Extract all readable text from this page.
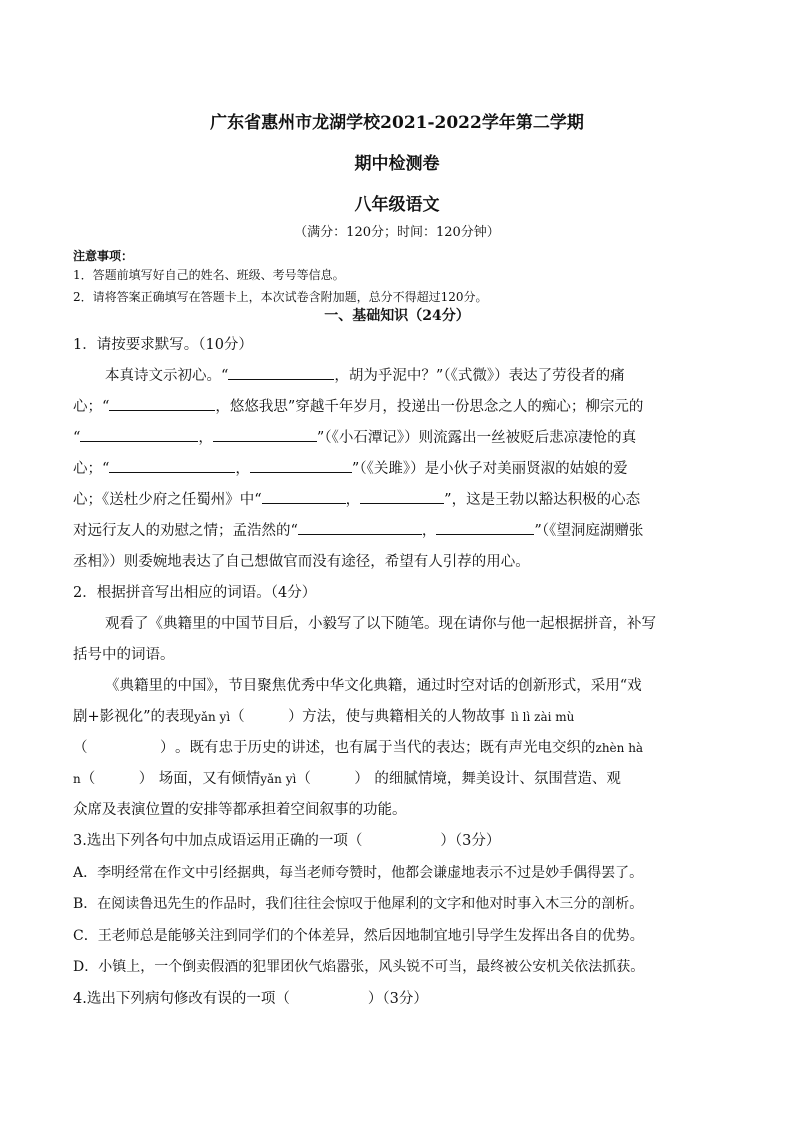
广东省惠州市龙湖学校2021-2022学年第二学期
期中检测卷
八年级语文
（满分：120分；时间：120分钟）
注意事项：
1．答题前填写好自己的姓名、班级、考号等信息。
2．请将答案正确填写在答题卡上，本次试卷含附加题，总分不得超过120分。
一、基础知识（24分）
1．请按要求默写。（10分）
本真诗文示初心。“	，胡为乎泥中？”（《式微》）表达了劳役者的痛
心；“	，悠悠我思”穿越千年岁月，投递出一份思念之人的痴心；柳宗元的
“	，	”（《小石潭记》）则流露出一丝被贬后悲凉凄怆的真
心；“	，	”（《关雎》）是小伙子对美丽贤淑的姑娘的爱
心；《送杜少府之任蜀州》中“	，	”，这是王勃以豁达积极的心态
对远行友人的劝慰之情；孟浩然的“	，	”（《望洞庭湖赠张
丞相》）则委婉地表达了自己想做官而没有途径，希望有人引荐的用心。
2．根据拼音写出相应的词语。（4分）
观看了《典籍里的中国节目后，小毅写了以下随笔。现在请你与他一起根据拼音，补写
括号中的词语。
《典籍里的中国》，节目聚焦优秀中华文化典籍，通过时空对话的创新形式，采用“戏
剧+影视化”的表现yǎn yì（　　　）方法，使与典籍相关的人物故事 lì lì zài mù
（　　　　　）。既有忠于历史的讲述，也有属于当代的表达；既有声光电交织的zhèn hà
n（　　　） 场面，又有倾情yǎn yì（　　　） 的细腻情境，舞美设计、氛围营造、观
众席及表演位置的安排等都承担着空间叙事的功能。
3.选出下列各句中加点成语运用正确的一项（	）（3分）
A．李明经常在作文中引经据典，每当老师夸赞时，他都会谦虚地表示不过是妙手偶得罢了。
B．在阅读鲁迅先生的作品时，我们往往会惊叹于他犀利的文字和他对时事入木三分的剖析。
C．王老师总是能够关注到同学们的个体差异，然后因地制宜地引导学生发挥出各自的优势。
D．小镇上，一个倒卖假酒的犯罪团伙气焰嚣张，风头锐不可当，最终被公安机关依法抓获。
4.选出下列病句修改有误的一项（	）（3分）
